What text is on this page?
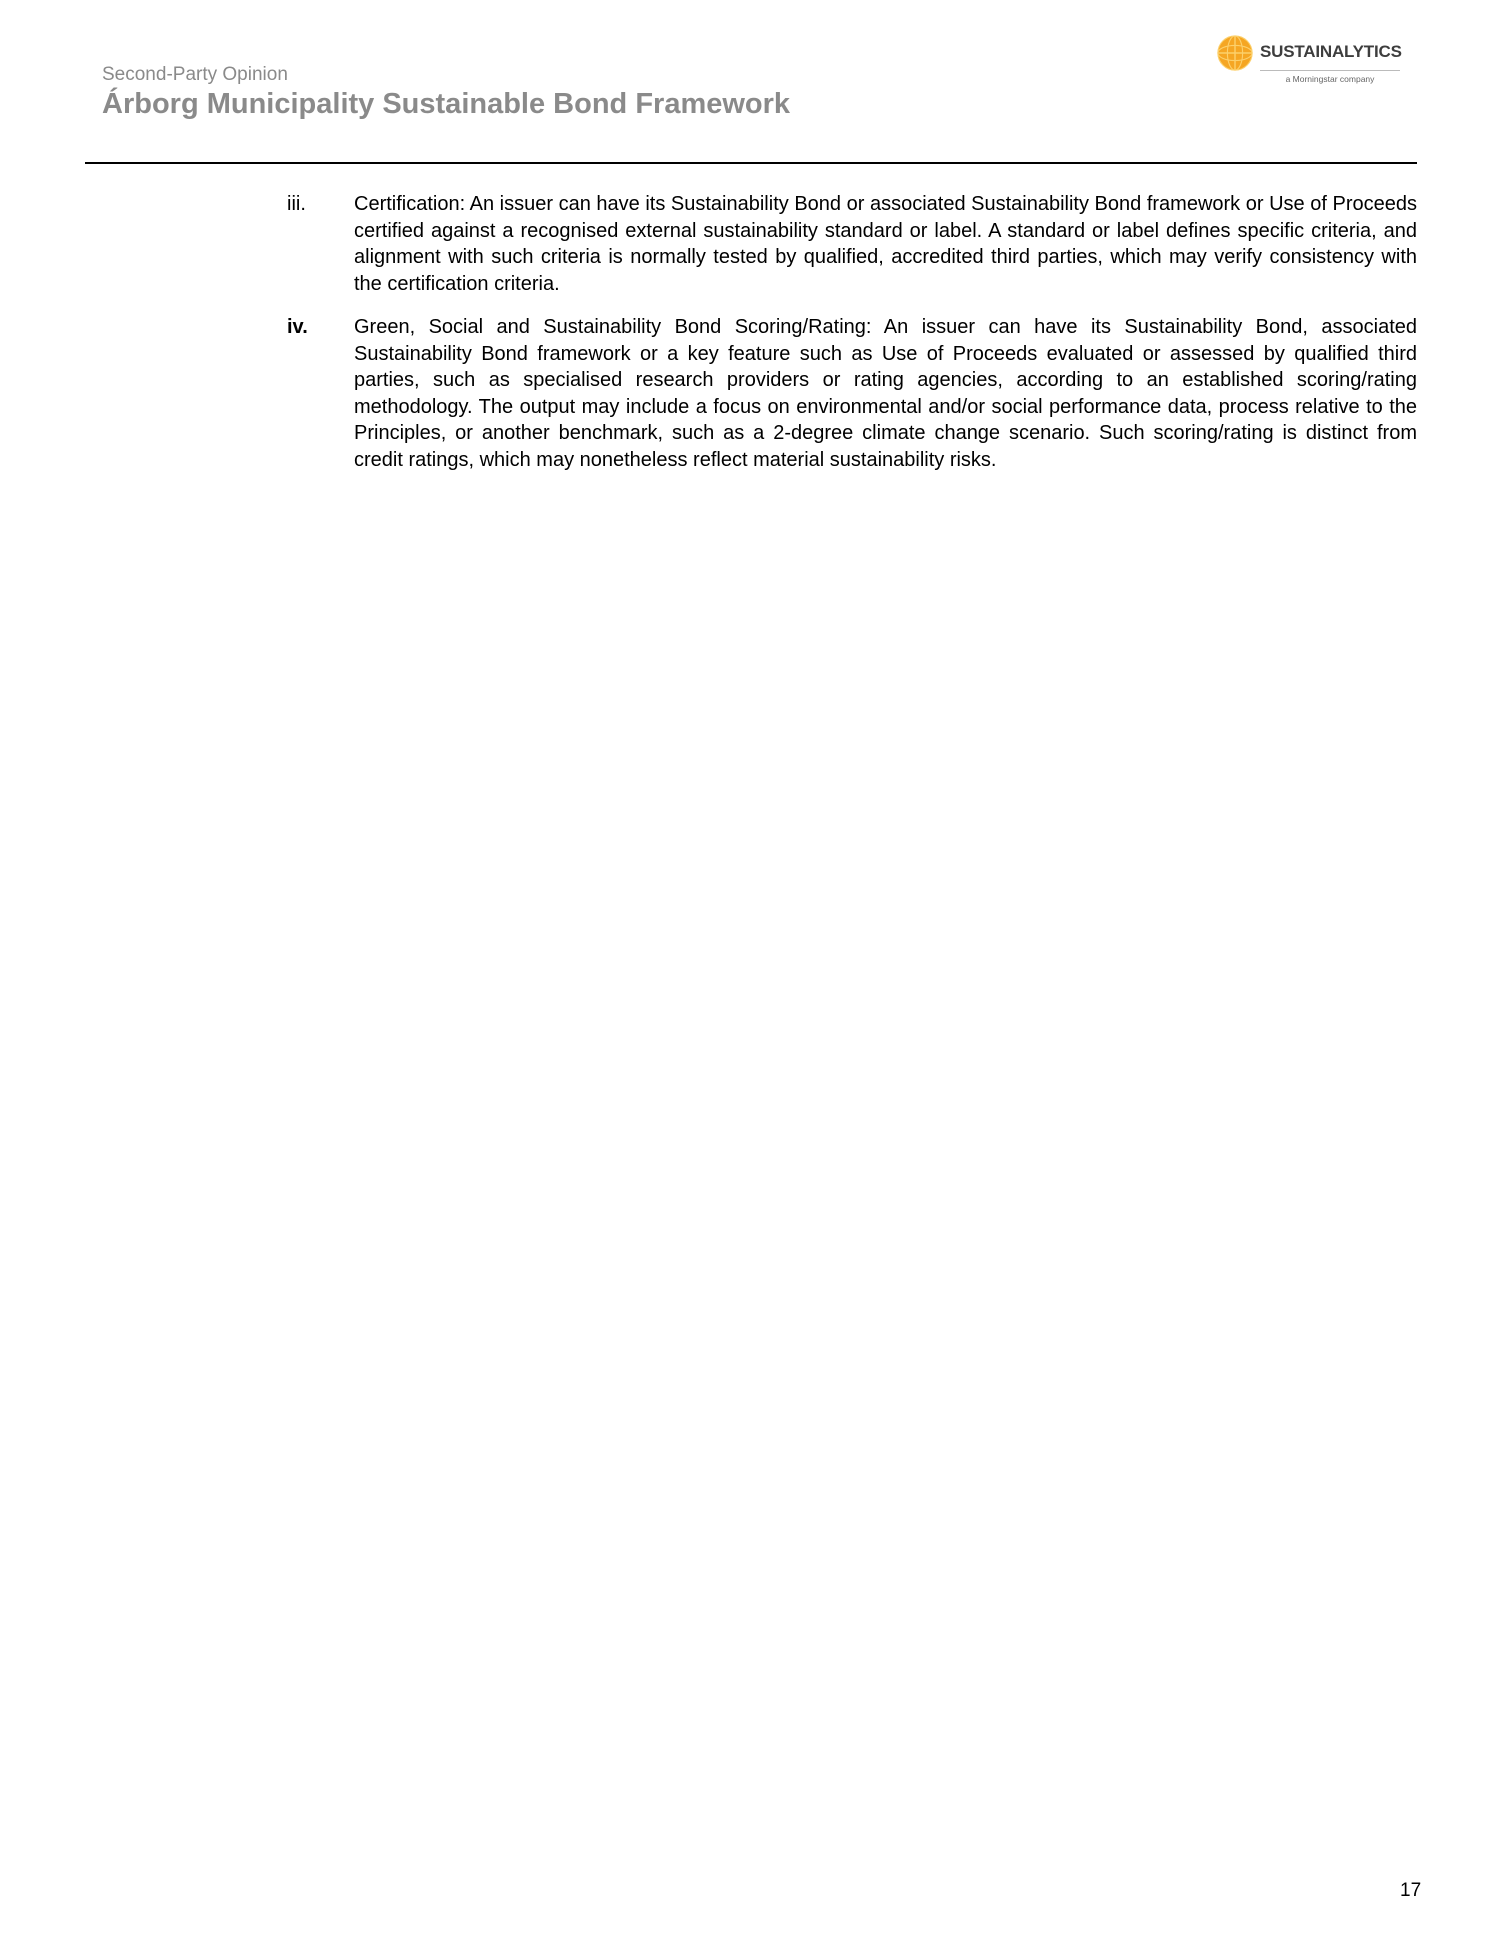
Second-Party Opinion
Árborg Municipality Sustainable Bond Framework
SUSTAINALYTICS
a Morningstar company
iii. Certification: An issuer can have its Sustainability Bond or associated Sustainability Bond framework or Use of Proceeds certified against a recognised external sustainability standard or label. A standard or label defines specific criteria, and alignment with such criteria is normally tested by qualified, accredited third parties, which may verify consistency with the certification criteria.
iv. Green, Social and Sustainability Bond Scoring/Rating: An issuer can have its Sustainability Bond, associated Sustainability Bond framework or a key feature such as Use of Proceeds evaluated or assessed by qualified third parties, such as specialised research providers or rating agencies, according to an established scoring/rating methodology. The output may include a focus on environmental and/or social performance data, process relative to the Principles, or another benchmark, such as a 2-degree climate change scenario. Such scoring/rating is distinct from credit ratings, which may nonetheless reflect material sustainability risks.
17
